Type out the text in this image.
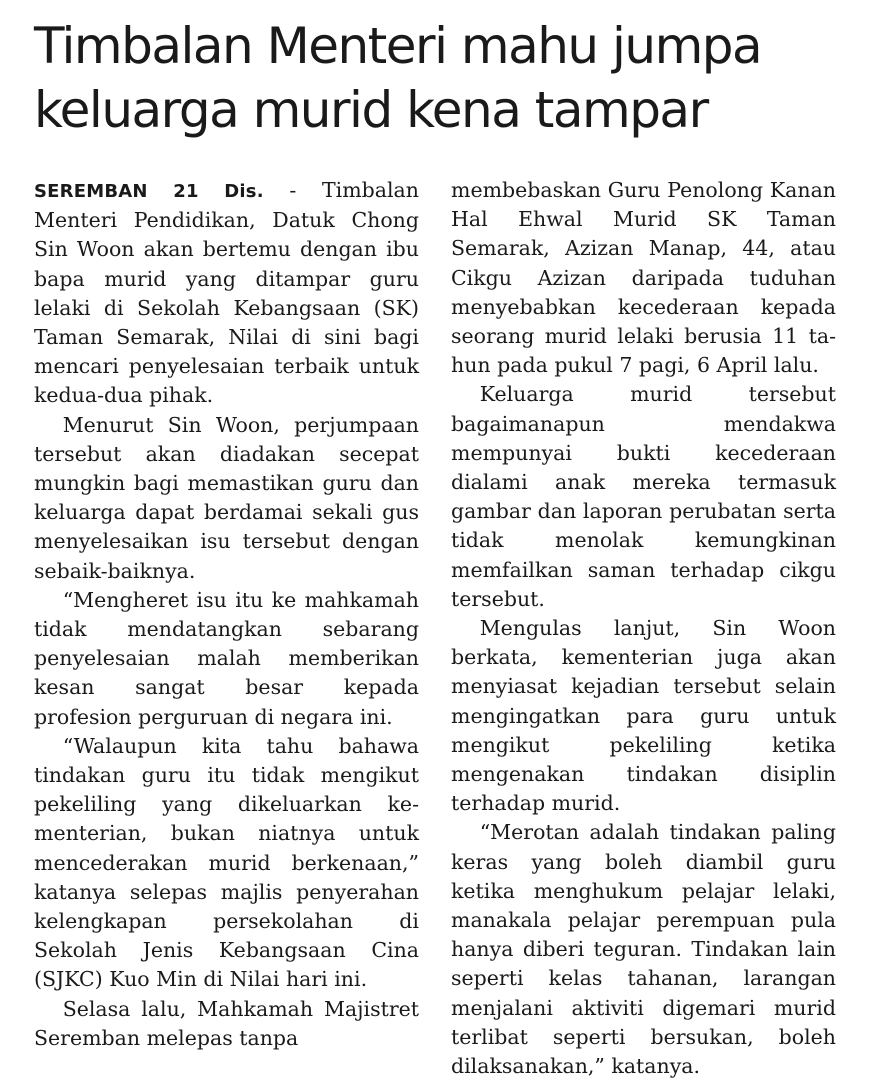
Timbalan Menteri mahu jumpa
keluarga murid kena tampar

SEREMBAN 21 Dis. - Timbalan Menteri Pendidikan, Datuk Chong Sin Woon akan bertemu dengan ibu bapa murid yang ditampar guru lelaki di Sekolah Kebangsaan (SK) Taman Semarak, Nilai di sini bagi mencari penyelesaian terbaik untuk kedua-dua pihak.

Menurut Sin Woon, perjumpaan tersebut akan diadakan secepat mungkin bagi memastikan guru dan keluarga dapat berdamai sekali gus menyelesaikan isu tersebut dengan sebaik-baiknya.

“Mengheret isu itu ke mahkamah tidak mendatangkan sebarang penyelesaian malah memberikan kesan sangat besar kepada profesion perguruan di negara ini.

“Walaupun kita tahu bahawa tindakan guru itu tidak mengikut pekeliling yang dikeluarkan kementerian, bukan niatnya untuk mencederakan murid berkenaan,” katanya selepas majlis penyerahan kelengkapan persekolahan di Sekolah Jenis Kebangsaan Cina (SJKC) Kuo Min di Nilai hari ini.

Selasa lalu, Mahkamah Majistret Seremban melepas tanpa

membebaskan Guru Penolong Kanan Hal Ehwal Murid SK Taman Semarak, Azizan Manap, 44, atau Cikgu Azizan daripada tuduhan menyebabkan kecederaan kepada seorang murid lelaki berusia 11 tahun pada pukul 7 pagi, 6 April lalu.

Keluarga murid tersebut bagaimanapun mendakwa mempunyai bukti kecederaan dialami anak mereka termasuk gambar dan laporan perubatan serta tidak menolak kemungkinan memfailkan saman terhadap cikgu tersebut.

Mengulas lanjut, Sin Woon berkata, kementerian juga akan menyiasat kejadian tersebut selain mengingatkan para guru untuk mengikut pekeliling ketika mengenakan tindakan disiplin terhadap murid.

“Merotan adalah tindakan paling keras yang boleh diambil guru ketika menghukum pelajar lelaki, manakala pelajar perempuan pula hanya diberi teguran. Tindakan lain seperti kelas tahanan, larangan menjalani aktiviti digemari murid terlibat seperti bersukan, boleh dilaksanakan,” katanya.
